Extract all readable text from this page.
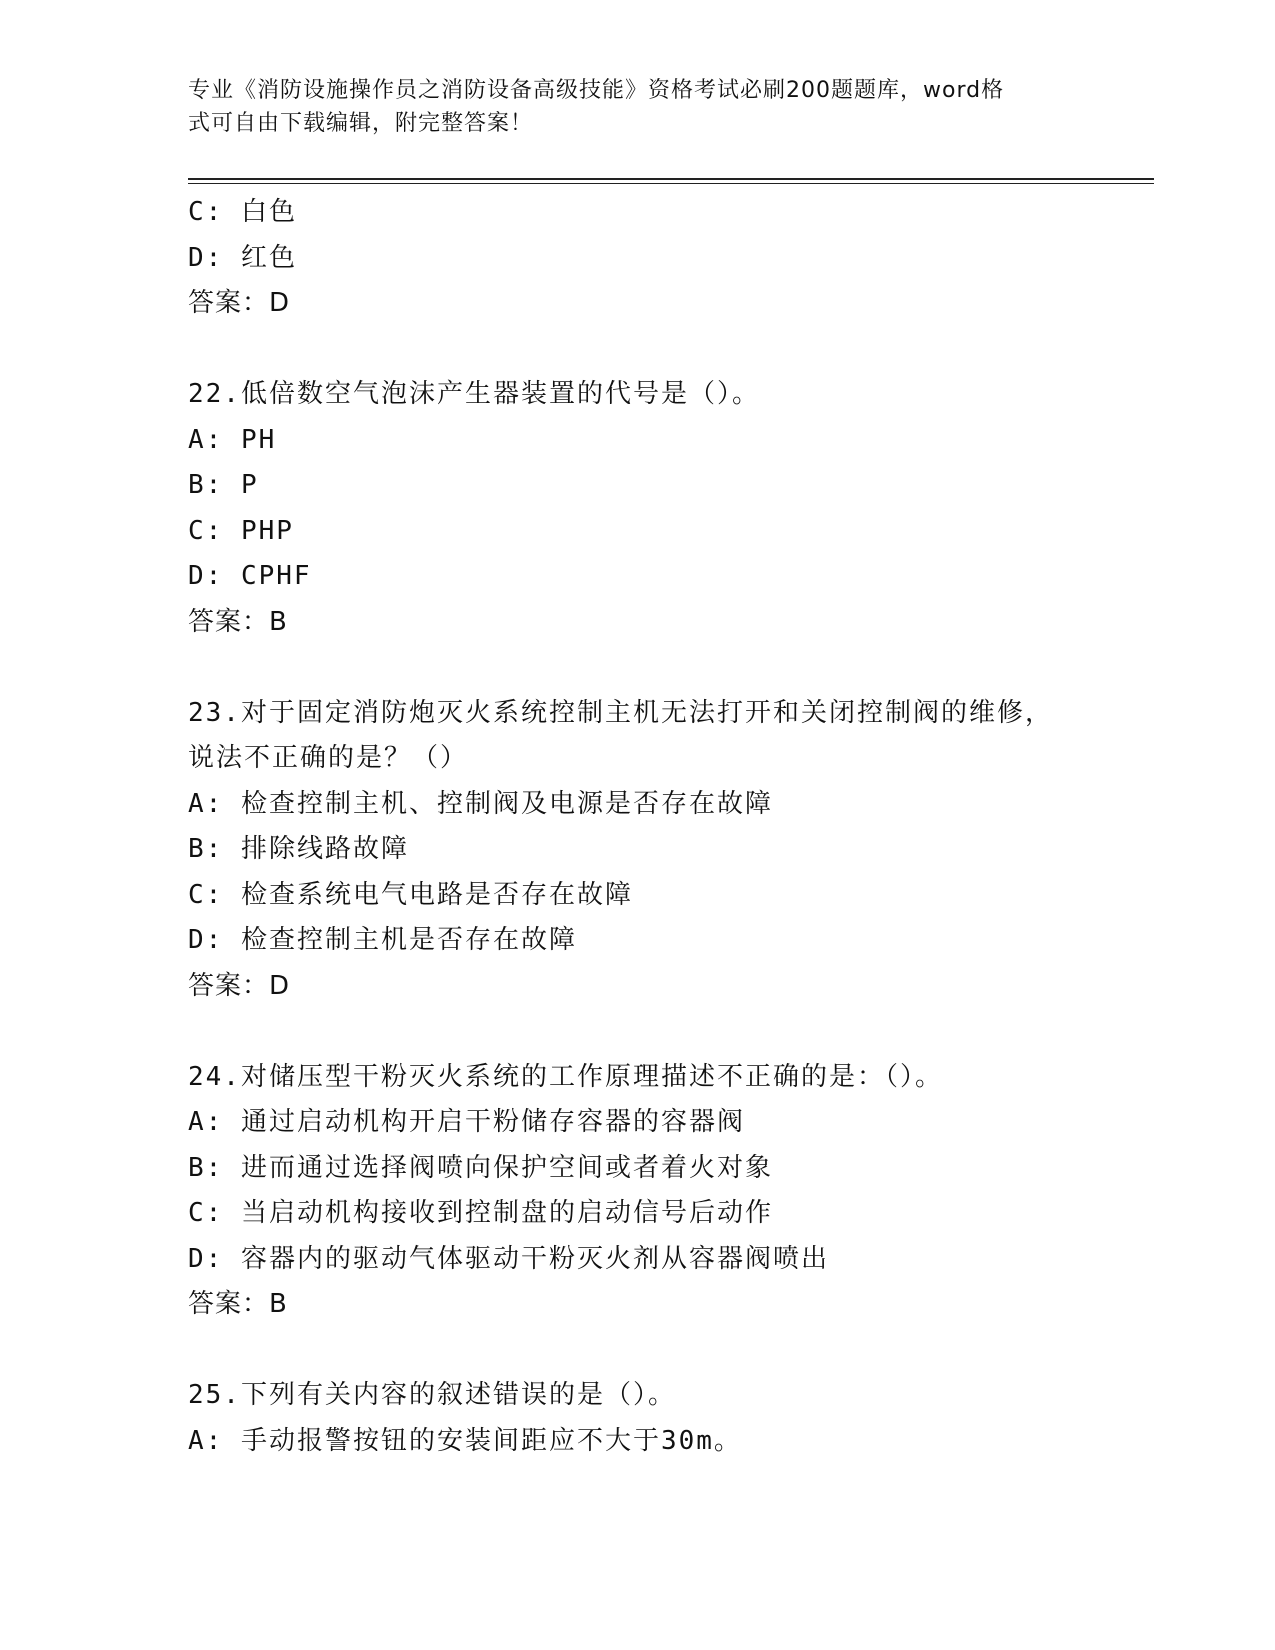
专业《消防设施操作员之消防设备高级技能》资格考试必刷200题题库，word格
式可自由下载编辑，附完整答案！
C: 白色
D: 红色
答案：D
22.低倍数空气泡沫产生器装置的代号是（）。
A: PH
B: P
C: PHP
D: CPHF
答案：B
23.对于固定消防炮灭火系统控制主机无法打开和关闭控制阀的维修，
说法不正确的是？（）
A: 检查控制主机、控制阀及电源是否存在故障
B: 排除线路故障
C: 检查系统电气电路是否存在故障
D: 检查控制主机是否存在故障
答案：D
24.对储压型干粉灭火系统的工作原理描述不正确的是：（）。
A: 通过启动机构开启干粉储存容器的容器阀
B: 进而通过选择阀喷向保护空间或者着火对象
C: 当启动机构接收到控制盘的启动信号后动作
D: 容器内的驱动气体驱动干粉灭火剂从容器阀喷出
答案：B
25.下列有关内容的叙述错误的是（）。
A: 手动报警按钮的安装间距应不大于30m。
